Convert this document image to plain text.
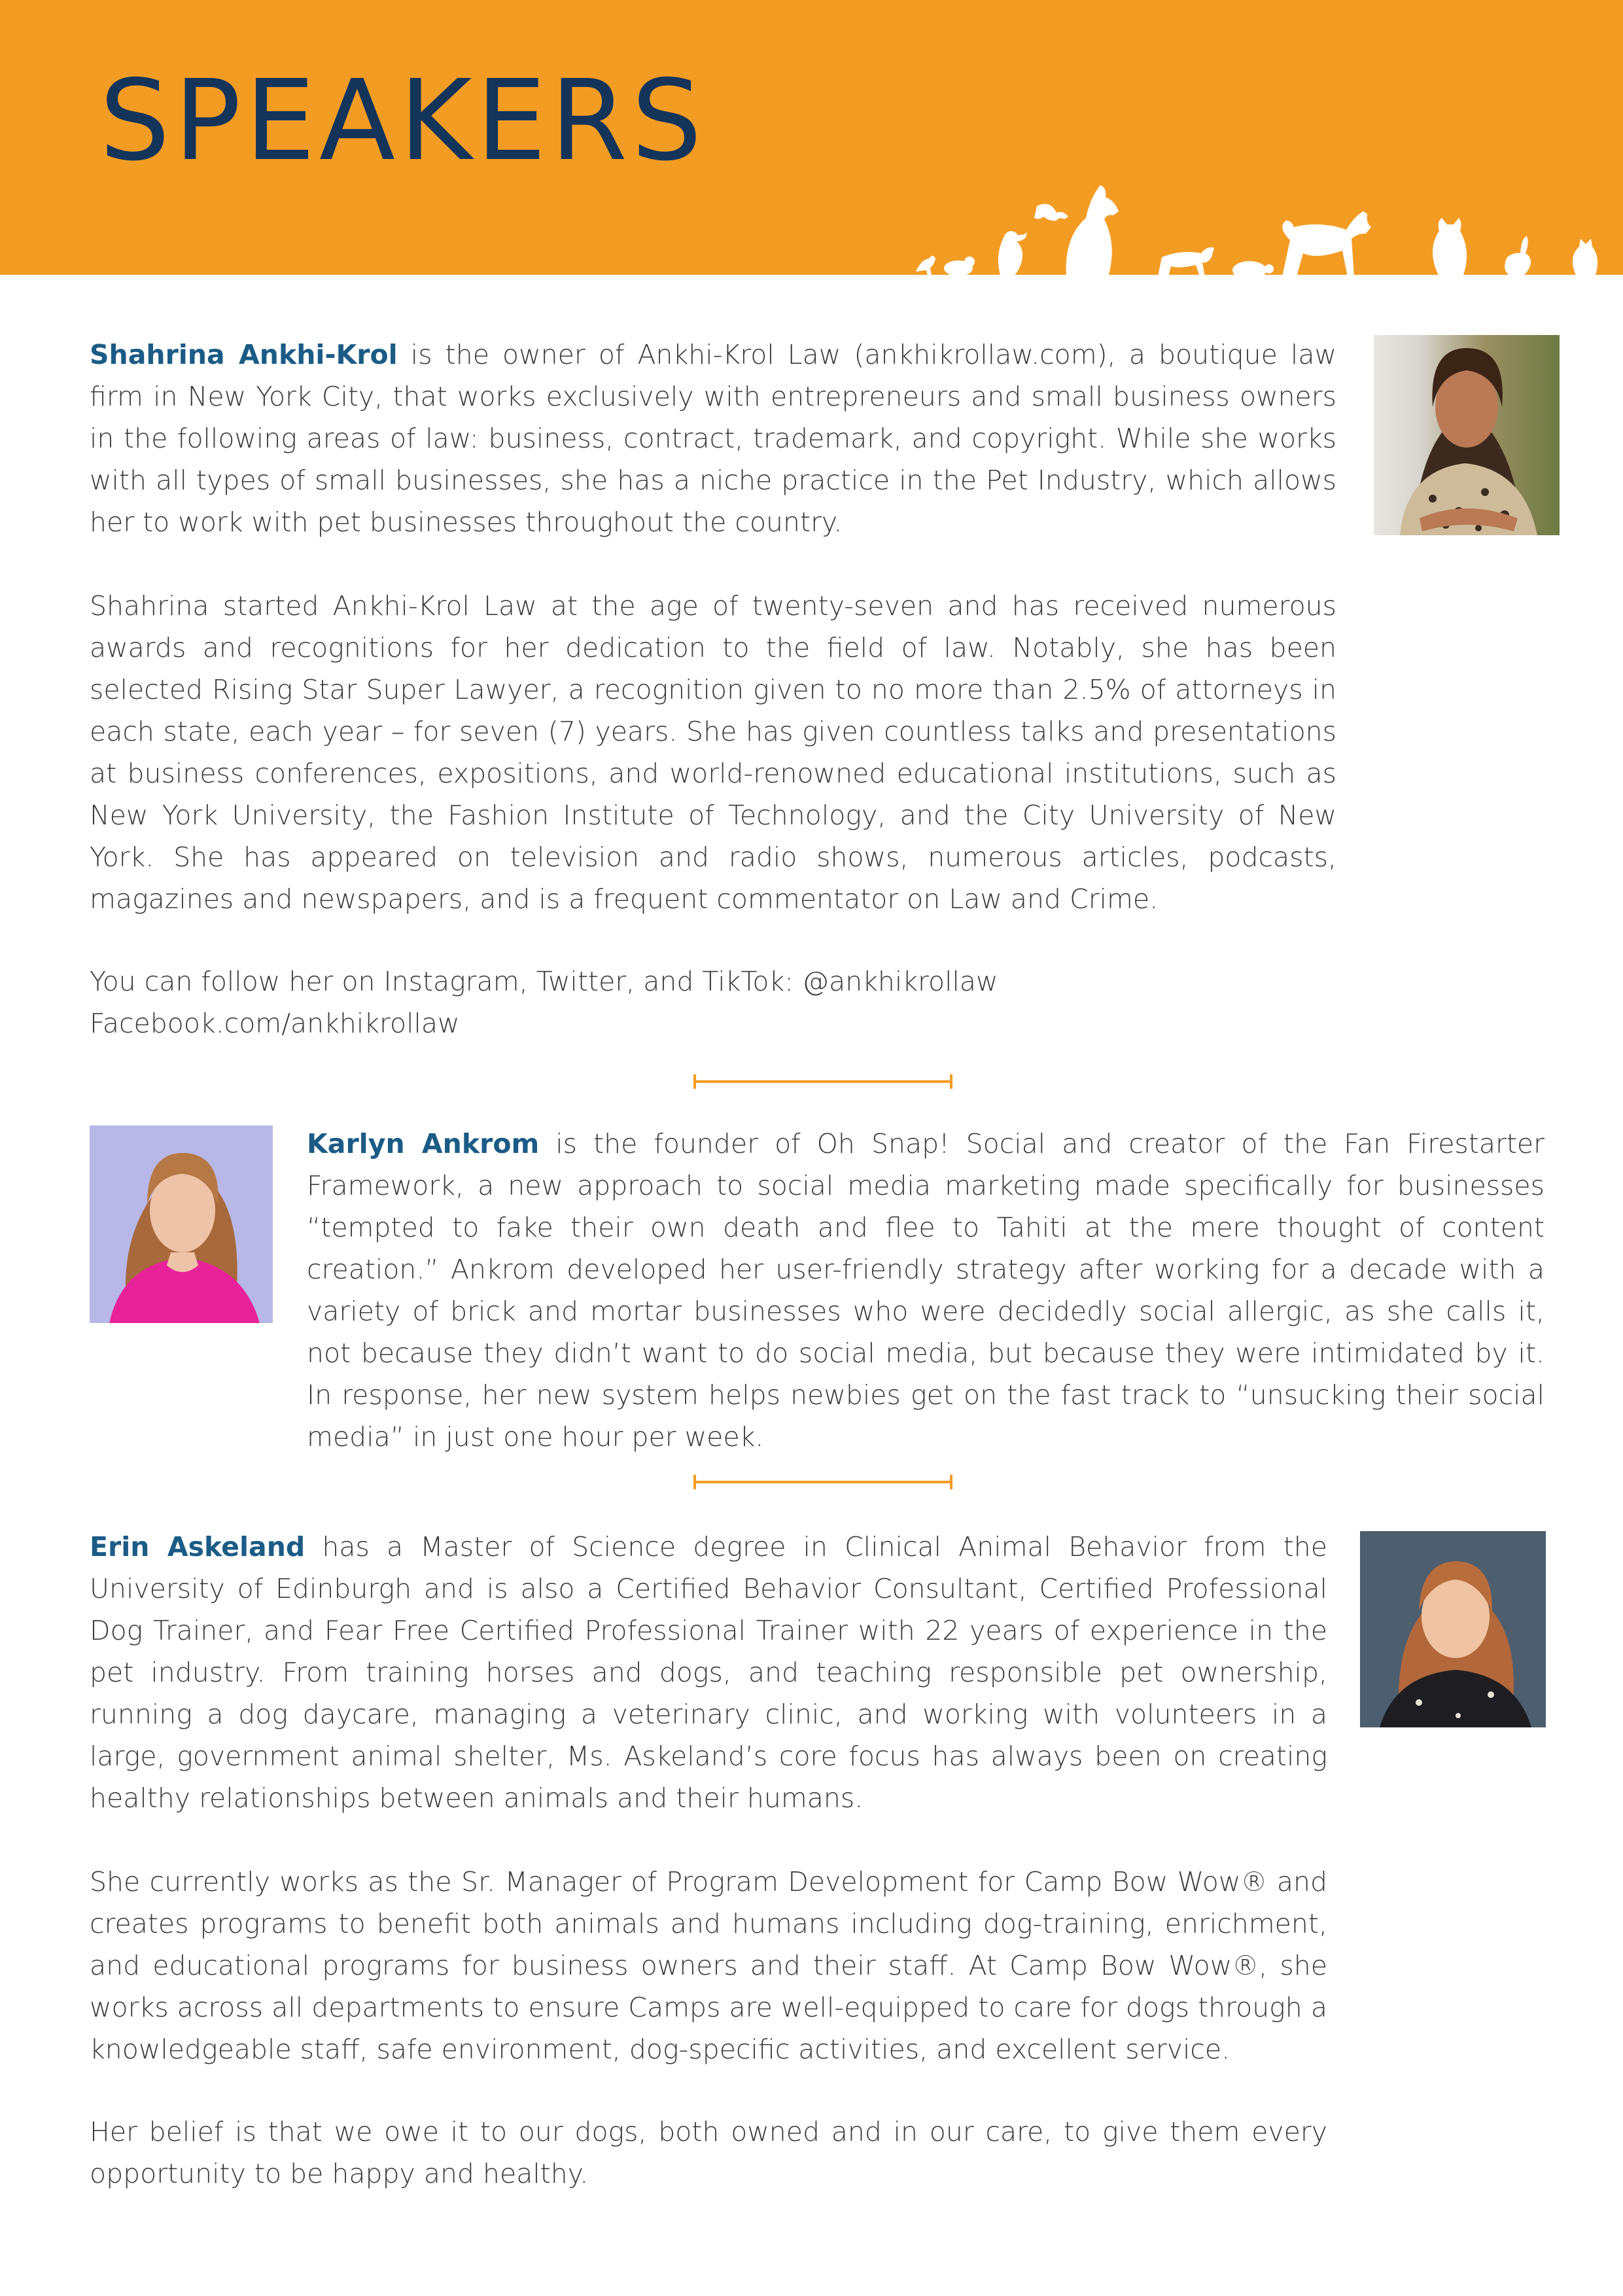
SPEAKERS

Shahrina Ankhi-Krol is the owner of Ankhi-Krol Law (ankhikrollaw.com), a boutique law firm in New York City, that works exclusively with entrepreneurs and small business owners in the following areas of law: business, contract, trademark, and copyright. While she works with all types of small businesses, she has a niche practice in the Pet Industry, which allows her to work with pet businesses throughout the country.

Shahrina started Ankhi-Krol Law at the age of twenty-seven and has received numerous awards and recognitions for her dedication to the field of law. Notably, she has been selected Rising Star Super Lawyer, a recognition given to no more than 2.5% of attorneys in each state, each year – for seven (7) years. She has given countless talks and presentations at business conferences, expositions, and world-renowned educational institutions, such as New York University, the Fashion Institute of Technology, and the City University of New York. She has appeared on television and radio shows, numerous articles, podcasts, magazines and newspapers, and is a frequent commentator on Law and Crime.

You can follow her on Instagram, Twitter, and TikTok: @ankhikrollaw
Facebook.com/ankhikrollaw

Karlyn Ankrom is the founder of Oh Snap! Social and creator of the Fan Firestarter Framework, a new approach to social media marketing made specifically for businesses “tempted to fake their own death and flee to Tahiti at the mere thought of content creation.” Ankrom developed her user-friendly strategy after working for a decade with a variety of brick and mortar businesses who were decidedly social allergic, as she calls it, not because they didn’t want to do social media, but because they were intimidated by it. In response, her new system helps newbies get on the fast track to “unsucking their social media” in just one hour per week.

Erin Askeland has a Master of Science degree in Clinical Animal Behavior from the University of Edinburgh and is also a Certified Behavior Consultant, Certified Professional Dog Trainer, and Fear Free Certified Professional Trainer with 22 years of experience in the pet industry. From training horses and dogs, and teaching responsible pet ownership, running a dog daycare, managing a veterinary clinic, and working with volunteers in a large, government animal shelter, Ms. Askeland’s core focus has always been on creating healthy relationships between animals and their humans.

She currently works as the Sr. Manager of Program Development for Camp Bow Wow® and creates programs to benefit both animals and humans including dog-training, enrichment, and educational programs for business owners and their staff. At Camp Bow Wow®, she works across all departments to ensure Camps are well-equipped to care for dogs through a knowledgeable staff, safe environment, dog-specific activities, and excellent service.

Her belief is that we owe it to our dogs, both owned and in our care, to give them every opportunity to be happy and healthy.
